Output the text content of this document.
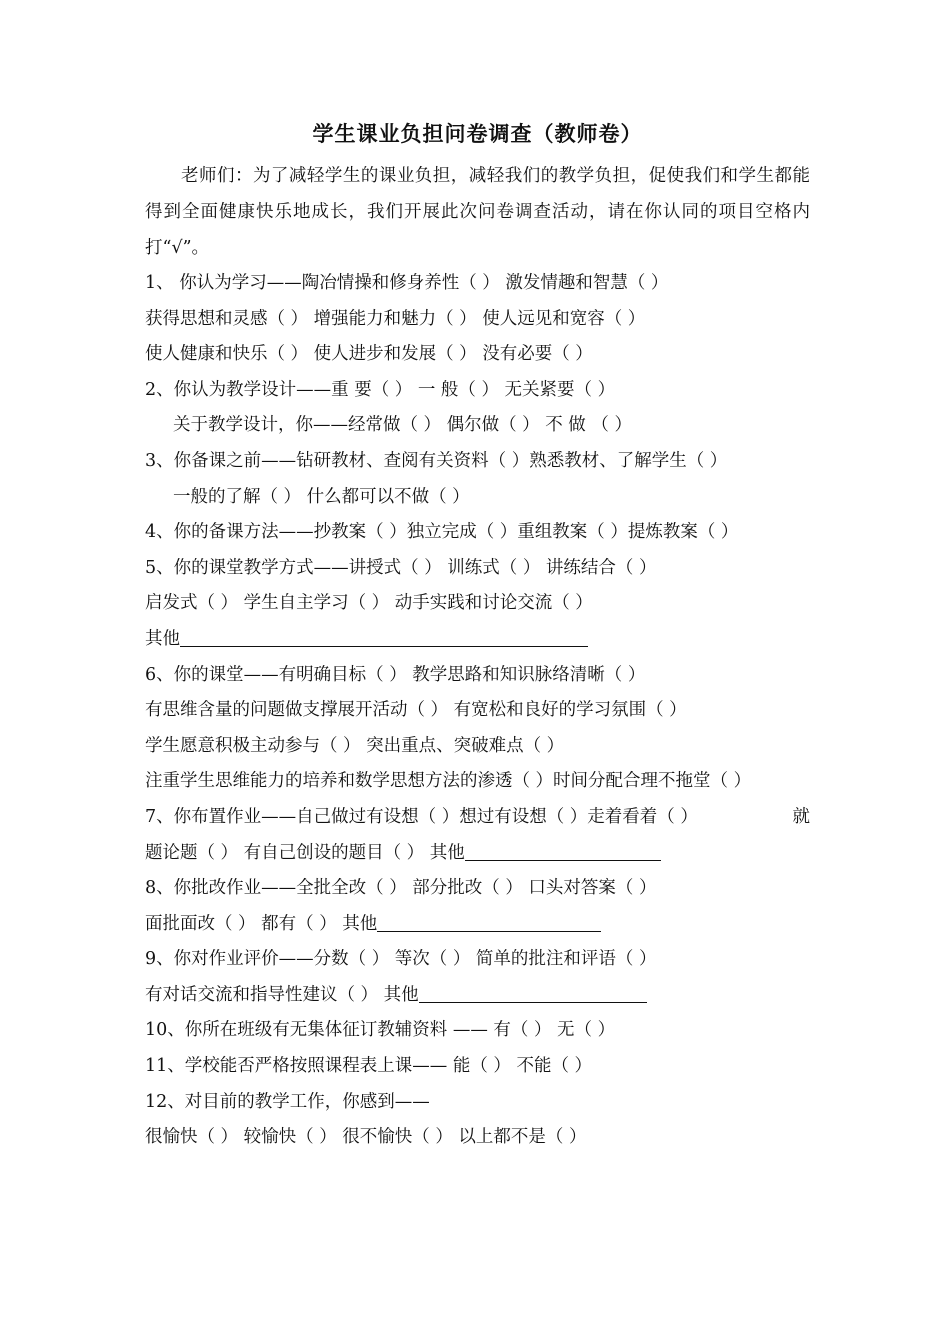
学生课业负担问卷调查（教师卷）

老师们：为了减轻学生的课业负担，减轻我们的教学负担，促使我们和学生都能得到全面健康快乐地成长，我们开展此次问卷调查活动，请在你认同的项目空格内打“√”。

1、 你认为学习——陶冶情操和修身养性（ ） 激发情趣和智慧（ ）
获得思想和灵感（ ） 增强能力和魅力（ ） 使人远见和宽容（ ）
使人健康和快乐（ ） 使人进步和发展（ ） 没有必要（ ）
2、你认为教学设计——重 要（ ） 一 般（ ） 无关紧要（ ）
关于教学设计，你——经常做（ ） 偶尔做（ ） 不 做 （ ）
3、你备课之前——钻研教材、查阅有关资料（ ）熟悉教材、了解学生（ ）
一般的了解（ ） 什么都可以不做（ ）
4、你的备课方法——抄教案（ ）独立完成（ ）重组教案（ ）提炼教案（ ）
5、你的课堂教学方式——讲授式（ ） 训练式（ ） 讲练结合（ ）
启发式（ ） 学生自主学习（ ） 动手实践和讨论交流（ ）
其他
6、你的课堂——有明确目标（ ） 教学思路和知识脉络清晰（ ）
有思维含量的问题做支撑展开活动（ ） 有宽松和良好的学习氛围（ ）
学生愿意积极主动参与（ ） 突出重点、突破难点（ ）
注重学生思维能力的培养和数学思想方法的渗透（ ）时间分配合理不拖堂（ ）
7、你布置作业——自己做过有设想（ ）想过有设想（ ）走着看着（ ）	就
题论题（ ） 有自己创设的题目（ ） 其他
8、你批改作业——全批全改（ ） 部分批改（ ） 口头对答案（ ）
面批面改（ ） 都有（ ） 其他
9、你对作业评价——分数（ ） 等次（ ） 简单的批注和评语（ ）
有对话交流和指导性建议（ ） 其他
10、你所在班级有无集体征订教辅资料 —— 有（ ） 无（ ）
11、学校能否严格按照课程表上课—— 能（ ） 不能（ ）
12、对目前的教学工作，你感到——
很愉快（ ） 较愉快（ ） 很不愉快（ ） 以上都不是（ ）
